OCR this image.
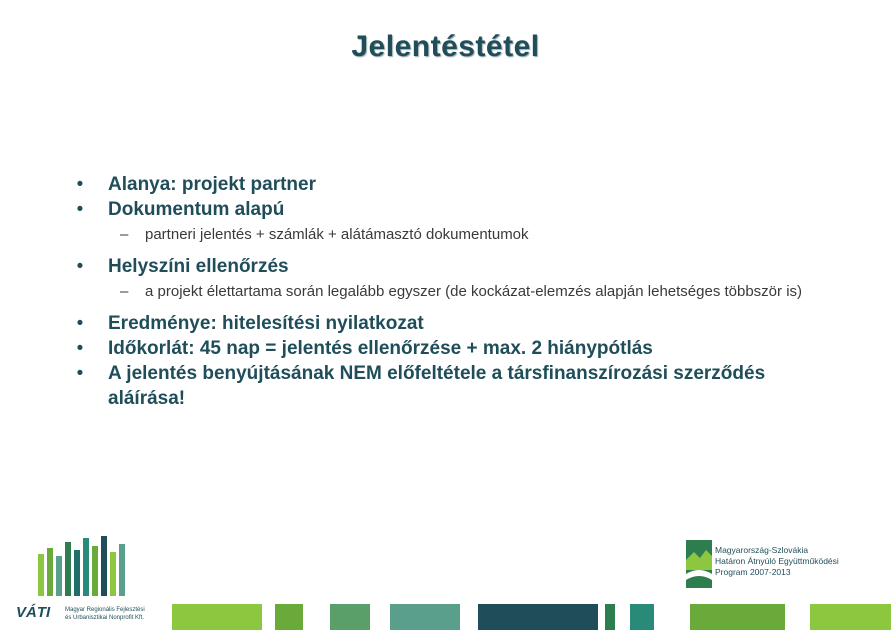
Jelentéstétel

•	Alanya: projekt partner

•	Dokumentum alapú

– partneri jelentés + számlák + alátámasztó dokumentumok

•	Helyszíni ellenőrzés

– a projekt élettartama során legalább egyszer (de kockázat-elemzés alapján lehetséges többször is)

•	Eredménye: hitelesítési nyilatkozat

•	Időkorlát: 45 nap = jelentés ellenőrzése + max. 2 hiánypótlás

•	A jelentés benyújtásának NEM előfeltétele a társfinanszírozási szerződés aláírása!

VÁTI Magyar Regionális Fejlesztési
és Urbanisztikai Nonprofit Kft.
Magyarország-Szlovákia
Határon Átnyúló Együttműködési
Program 2007-2013
